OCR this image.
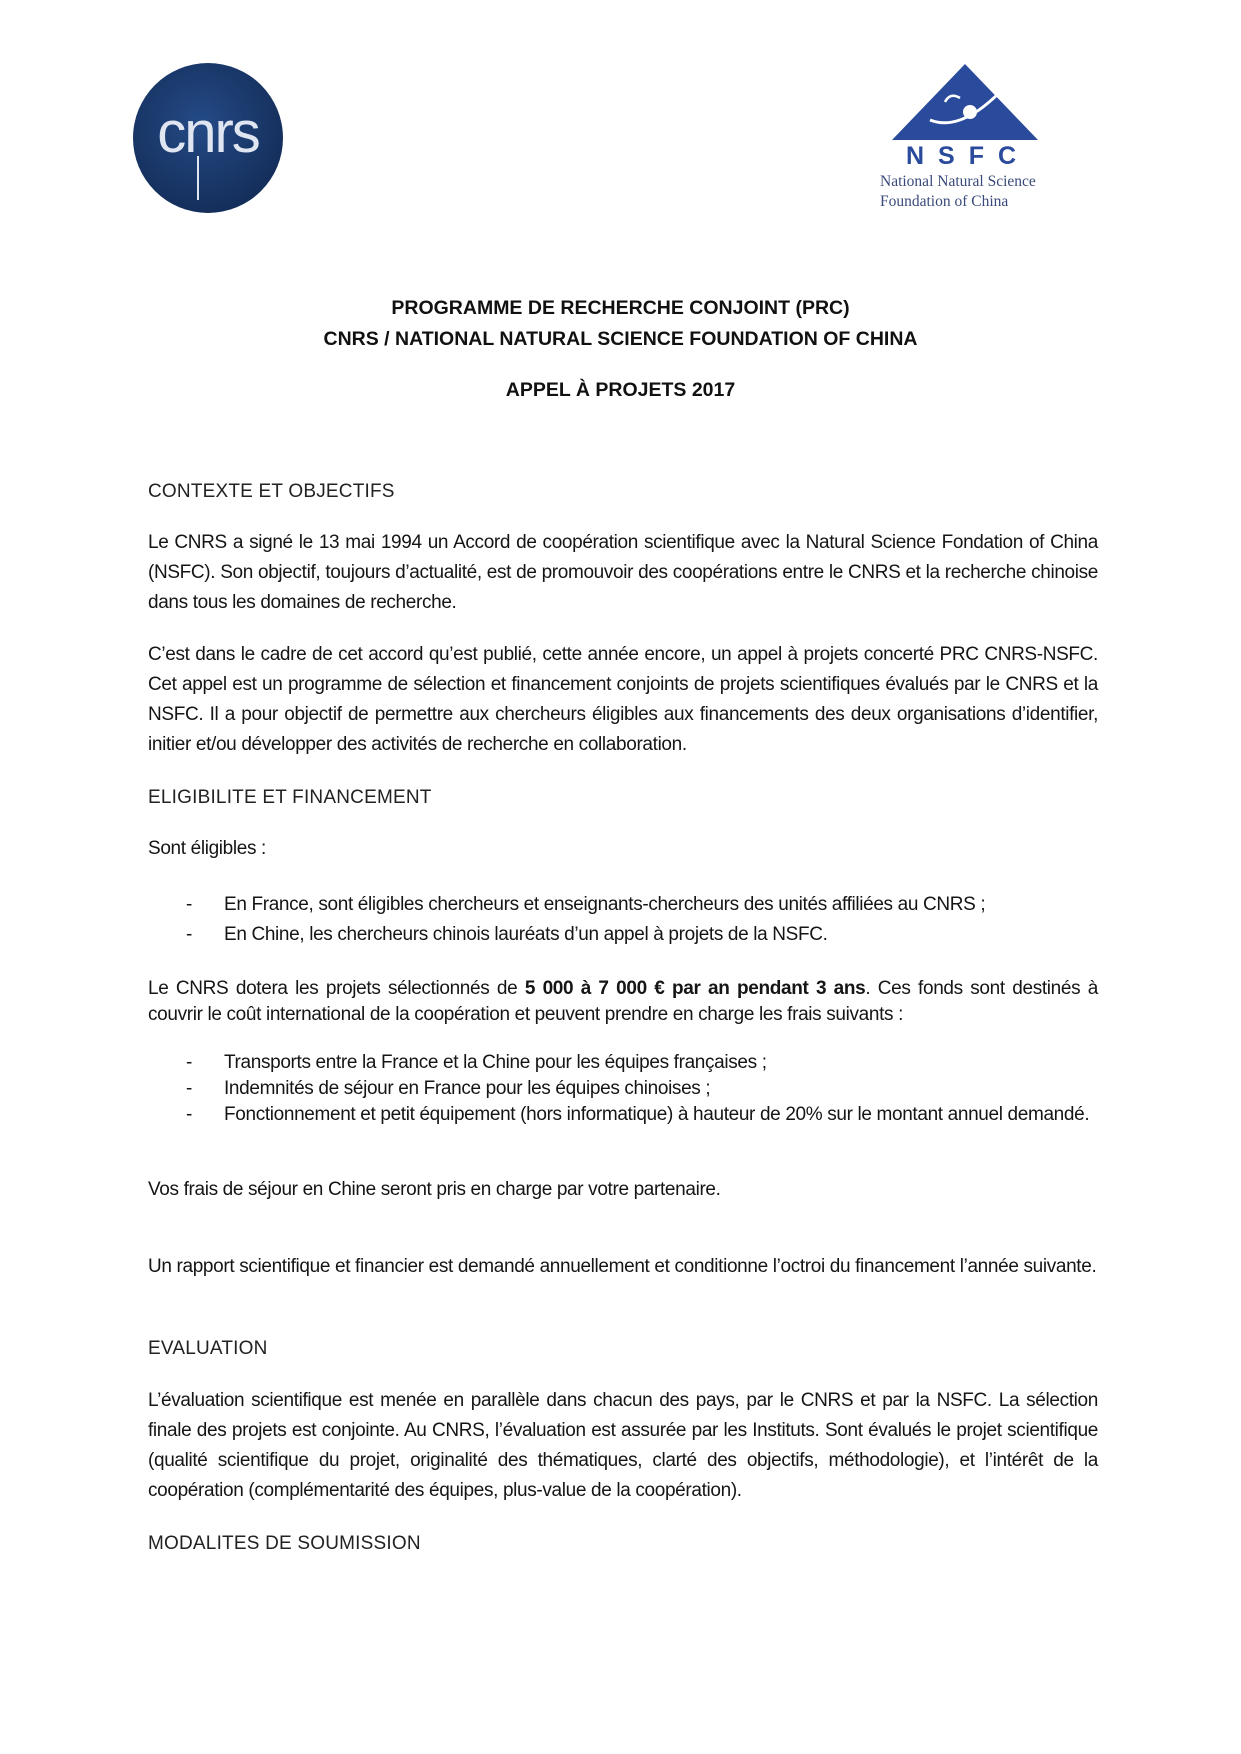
cnrs	NSFC
National Natural Science
Foundation of China
PROGRAMME DE RECHERCHE CONJOINT (PRC)
CNRS / NATIONAL NATURAL SCIENCE FOUNDATION OF CHINA
APPEL À PROJETS 2017
CONTEXTE ET OBJECTIFS
Le CNRS a signé le 13 mai 1994 un Accord de coopération scientifique avec la Natural Science Fondation of China (NSFC). Son objectif, toujours d’actualité, est de promouvoir des coopérations entre le CNRS et la recherche chinoise dans tous les domaines de recherche.
C’est dans le cadre de cet accord qu’est publié, cette année encore, un appel à projets concerté PRC CNRS-NSFC. Cet appel est un programme de sélection et financement conjoints de projets scientifiques évalués par le CNRS et la NSFC. Il a pour objectif de permettre aux chercheurs éligibles aux financements des deux organisations d’identifier, initier et/ou développer des activités de recherche en collaboration.
ELIGIBILITE ET FINANCEMENT
Sont éligibles :
- En France, sont éligibles chercheurs et enseignants-chercheurs des unités affiliées au CNRS ;
- En Chine, les chercheurs chinois lauréats d’un appel à projets de la NSFC.
Le CNRS dotera les projets sélectionnés de 5 000 à 7 000 € par an pendant 3 ans. Ces fonds sont destinés à couvrir le coût international de la coopération et peuvent prendre en charge les frais suivants :
- Transports entre la France et la Chine pour les équipes françaises ;
- Indemnités de séjour en France pour les équipes chinoises ;
- Fonctionnement et petit équipement (hors informatique) à hauteur de 20% sur le montant annuel demandé.
Vos frais de séjour en Chine seront pris en charge par votre partenaire.
Un rapport scientifique et financier est demandé annuellement et conditionne l’octroi du financement l’année suivante.
EVALUATION
L’évaluation scientifique est menée en parallèle dans chacun des pays, par le CNRS et par la NSFC. La sélection finale des projets est conjointe. Au CNRS, l’évaluation est assurée par les Instituts. Sont évalués le projet scientifique (qualité scientifique du projet, originalité des thématiques, clarté des objectifs, méthodologie), et l’intérêt de la coopération (complémentarité des équipes, plus-value de la coopération).
MODALITES DE SOUMISSION
